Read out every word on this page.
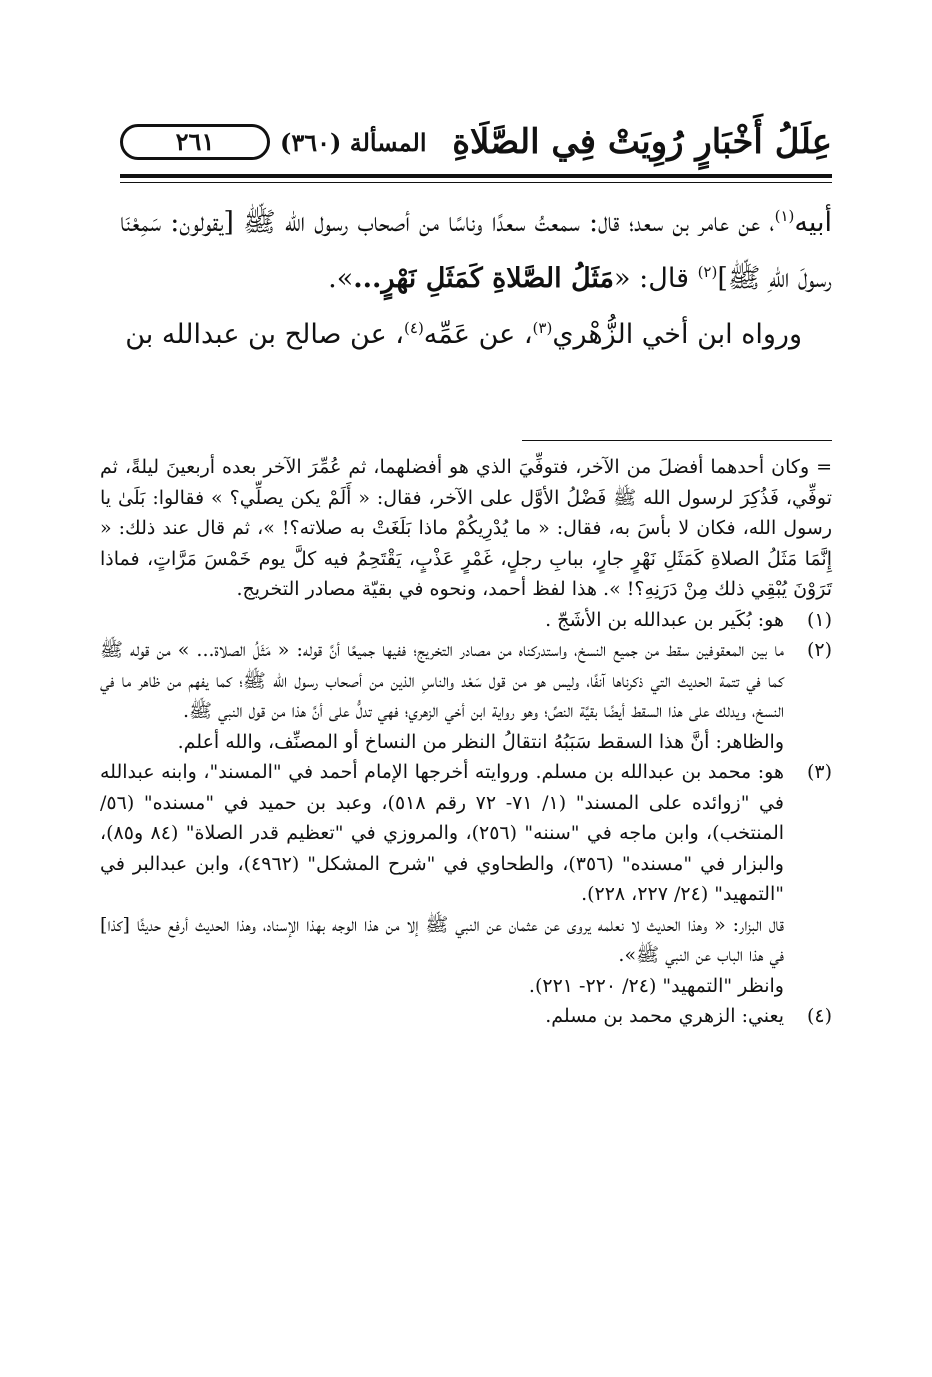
عِلَلُ أَخْبَارٍ رُوِيَتْ فِي الصَّلَاةِ
المسألة (٣٦٠)
٢٦١

أبيه$^{(١)}$، عن عامر بن سعد؛ قال: سمعتُ سعدًا وناسًا من أصحاب رسول الله ﷺ [يقولون: سَمِعْنَا رسولَ اللهِ ﷺ]$^{(٢)}$ قال: «مَثَلُ الصَّلاةِ كَمَثَلِ نَهْرٍ...».

ورواه ابن أخي الزُّهْري$^{(٣)}$، عن عَمِّه$^{(٤)}$، عن صالح بن عبدالله بن

= وكان أحدهما أفضلَ من الآخر، فتوفِّيَ الذي هو أفضلهما، ثم عُمِّرَ الآخر بعده أربعينَ ليلةً، ثم توفِّي، فَذُكِرَ لرسول الله ﷺ فَضْلُ الأوَّل على الآخر، فقال: « أَلَمْ يكن يصلِّي؟ » فقالوا: بَلَىٰ يا رسول الله، فكان لا بأسَ به، فقال: « ما يُدْرِيكُمْ ماذا بَلَغَتْ به صلاته؟! »، ثم قال عند ذلك: « إِنَّمَا مَثَلُ الصلاةِ كَمَثَلِ نَهْرٍ جارٍ، ببابِ رجلٍ، غَمْرٍ عَذْبٍ، يَقْتَحِمُ فيه كلَّ يوم خَمْسَ مَرَّاتٍ، فماذا تَرَوْنَ يُبْقِي ذلك مِنْ دَرَنِهِ؟! ». هذا لفظ أحمد، ونحوه في بقيّة مصادر التخريج.

(١)
هو: بُكَير بن عبدالله بن الأشَجّ .

(٢)
ما بين المعقوفين سقط من جميع النسخ، واستدركناه من مصادر التخريج؛ ففيها جميعًا أنَّ قوله: « مَثَلُ الصلاة... » من قوله ﷺ كما في تتمة الحديث التي ذكرناها آنفًا، وليس هو من قول سَعْد والناسِ الذين من أصحاب رسول الله ﷺ؛ كما يفهم من ظاهر ما في النسخ، ويدلك على هذا السقط أيضًا بقيَّة النصِّ؛ وهو رواية ابن أخي الزهري؛ فهي تدلُّ على أنَّ هذا من قول النبي ﷺ.

والظاهر: أنَّ هذا السقط سَبَبُهُ انتقالُ النظر من النساخ أو المصنِّف، والله أعلم.

(٣)
هو: محمد بن عبدالله بن مسلم. وروايته أخرجها الإمام أحمد في "المسند"، وابنه عبدالله في "زوائده على المسند" (١/ ٧١- ٧٢ رقم ٥١٨)، وعبد بن حميد في "مسنده" (٥٦/المنتخب)، وابن ماجه في "سننه" (٢٥٦)، والمروزي في "تعظيم قدر الصلاة" (٨٤ و٨٥)، والبزار في "مسنده" (٣٥٦)، والطحاوي في "شرح المشكل" (٤٩٦٢)، وابن عبدالبر في "التمهيد" (٢٤/ ٢٢٧، ٢٢٨).

قال البزار: « وهذا الحديث لا نعلمه يروى عن عثمان عن النبي ﷺ إلا من هذا الوجه بهذا الإسناد، وهذا الحديث أرفع حديثًا [كذا] في هذا الباب عن النبي ﷺ».

وانظر "التمهيد" (٢٤/ ٢٢٠- ٢٢١).

(٤)
يعني: الزهري محمد بن مسلم.
